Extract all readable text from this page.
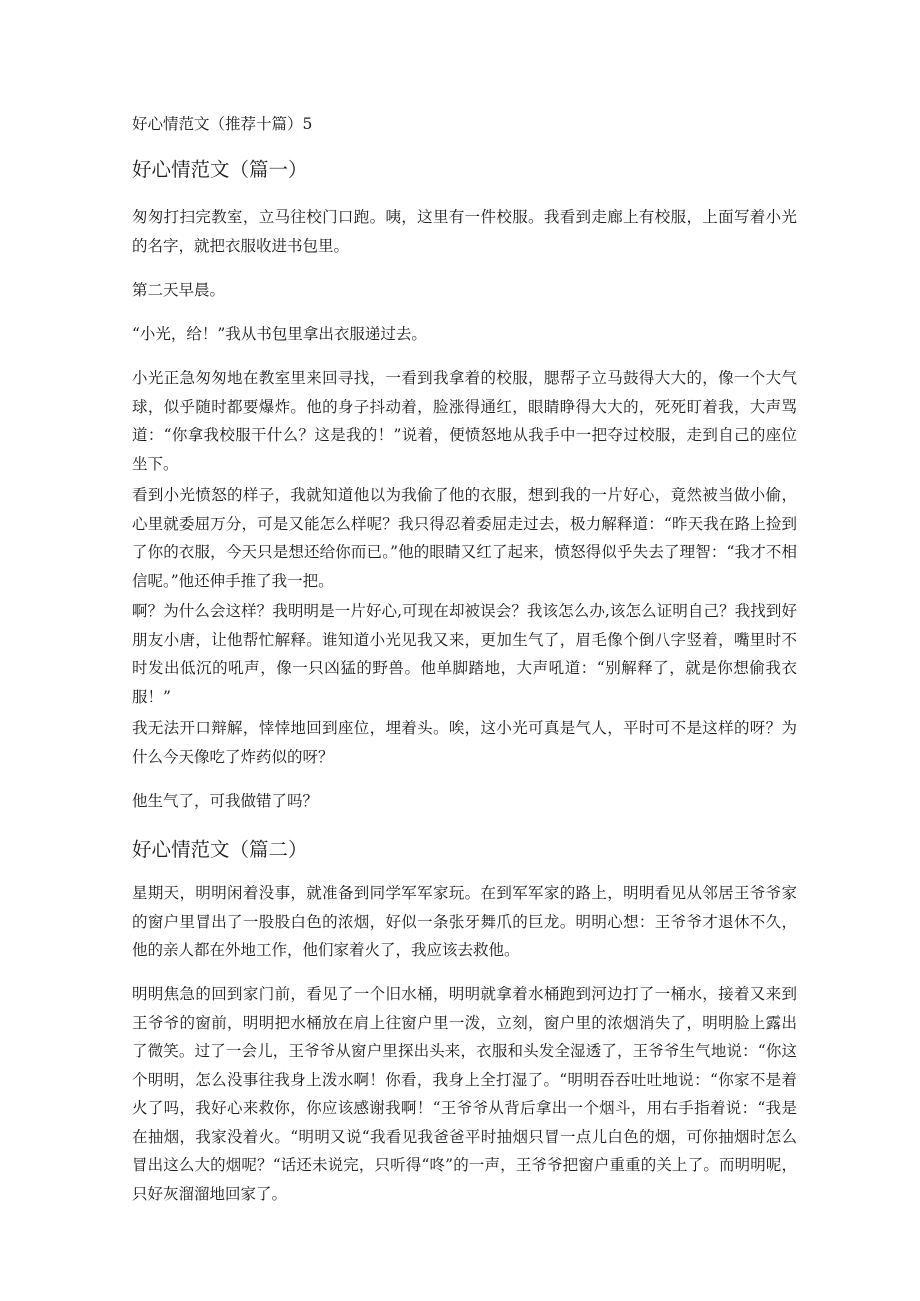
好心情范文（推荐十篇）5
好心情范文（篇一）

匆匆打扫完教室，立马往校门口跑。咦，这里有一件校服。我看到走廊上有校服，上面写着小光的名字，就把衣服收进书包里。

第二天早晨。

“小光，给！”我从书包里拿出衣服递过去。

小光正急匆匆地在教室里来回寻找，一看到我拿着的校服，腮帮子立马鼓得大大的，像一个大气球，似乎随时都要爆炸。他的身子抖动着，脸涨得通红，眼睛睁得大大的，死死盯着我，大声骂道：“你拿我校服干什么？这是我的！”说着，便愤怒地从我手中一把夺过校服，走到自己的座位坐下。

看到小光愤怒的样子，我就知道他以为我偷了他的衣服，想到我的一片好心，竟然被当做小偷，心里就委屈万分，可是又能怎么样呢？我只得忍着委屈走过去，极力解释道：“昨天我在路上捡到了你的衣服，今天只是想还给你而已。”他的眼睛又红了起来，愤怒得似乎失去了理智：“我才不相信呢。”他还伸手推了我一把。

啊？为什么会这样？我明明是一片好心,可现在却被误会？我该怎么办,该怎么证明自己？我找到好朋友小唐，让他帮忙解释。谁知道小光见我又来，更加生气了，眉毛像个倒八字竖着，嘴里时不时发出低沉的吼声，像一只凶猛的野兽。他单脚踏地，大声吼道：“别解释了，就是你想偷我衣服！”

我无法开口辩解，悻悻地回到座位，埋着头。唉，这小光可真是气人，平时可不是这样的呀？为什么今天像吃了炸药似的呀？

他生气了，可我做错了吗？

好心情范文（篇二）

星期天，明明闲着没事，就准备到同学军军家玩。在到军军家的路上，明明看见从邻居王爷爷家的窗户里冒出了一股股白色的浓烟，好似一条张牙舞爪的巨龙。明明心想：王爷爷才退休不久，他的亲人都在外地工作，他们家着火了，我应该去救他。

明明焦急的回到家门前，看见了一个旧水桶，明明就拿着水桶跑到河边打了一桶水，接着又来到王爷爷的窗前，明明把水桶放在肩上往窗户里一泼，立刻，窗户里的浓烟消失了，明明脸上露出了微笑。过了一会儿，王爷爷从窗户里探出头来，衣服和头发全湿透了，王爷爷生气地说：“你这个明明，怎么没事往我身上泼水啊！你看，我身上全打湿了。“明明吞吞吐吐地说：“你家不是着火了吗，我好心来救你，你应该感谢我啊！“王爷爷从背后拿出一个烟斗，用右手指着说：“我是在抽烟，我家没着火。“明明又说“我看见我爸爸平时抽烟只冒一点儿白色的烟，可你抽烟时怎么冒出这么大的烟呢？“话还未说完，只听得“咚”的一声，王爷爷把窗户重重的关上了。而明明呢，只好灰溜溜地回家了。
